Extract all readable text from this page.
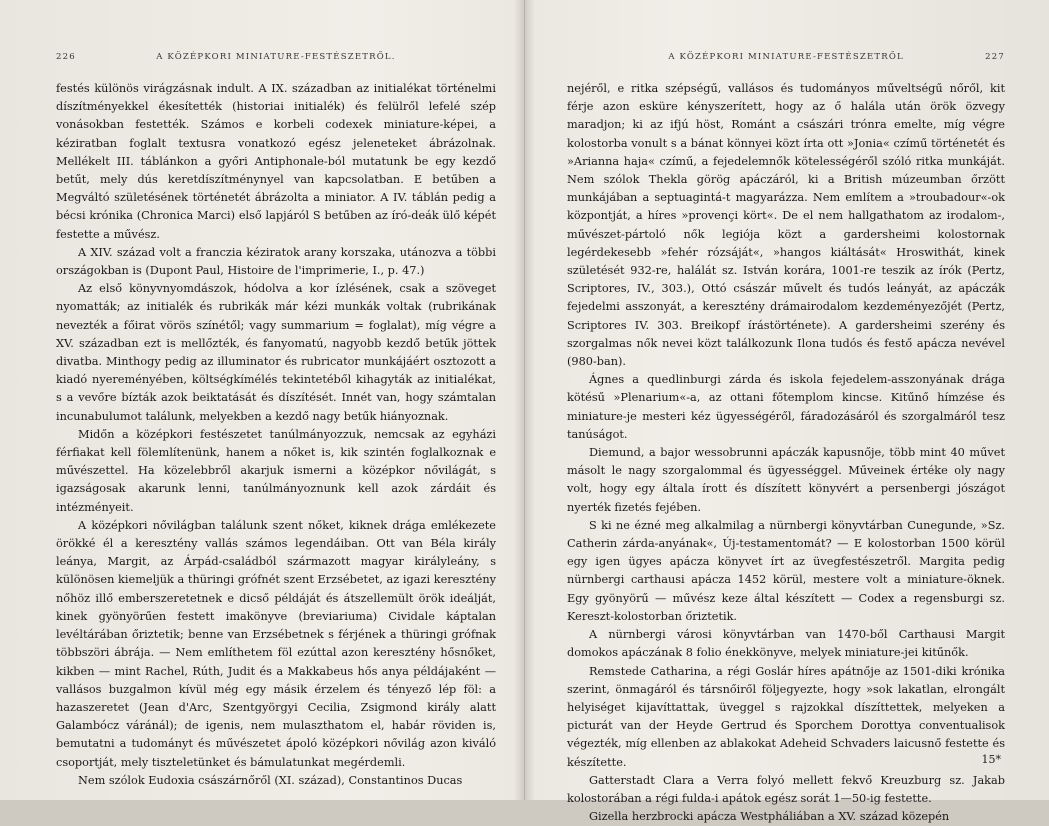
226	A KÖZÉPKORI MINIATURE-FESTÉSZETRŐL.

festés különös virágzásnak indult. A IX. században az initialékat történelmi díszítményekkel ékesítették (historiai initialék) és felülről lefelé szép vonásokban festették. Számos e korbeli codexek miniature-képei, a kéziratban foglalt textusra vonatkozó egész jeleneteket ábrázolnak. Mellékelt III. táblánkon a győri Antiphonale-ból mutatunk be egy kezdő betűt, mely dús keretdíszítménynyel van kapcsolatban. E betűben a Megváltó születésének történetét ábrázolta a miniator. A IV. táblán pedig a bécsi krónika (Chronica Marci) első lapjáról S betűben az író-deák ülő képét festette a művész.

A XIV. század volt a franczia kéziratok arany korszaka, utánozva a többi országokban is (Dupont Paul, Histoire de l'imprimerie, I., p. 47.)

Az első könyvnyomdászok, hódolva a kor ízlésének, csak a szöveget nyomatták; az initialék és rubrikák már kézi munkák voltak (rubrikának nevezték a főirat vörös színétől; vagy summarium = foglalat), míg végre a XV. században ezt is mellőzték, és fanyomatú, nagyobb kezdő betűk jöttek divatba. Minthogy pedig az illuminator és rubricator munkájáért osztozott a kiadó nyereményében, költségkímélés tekintetéből kihagyták az initialékat, s a vevőre bízták azok beiktatását és díszítését. Innét van, hogy számtalan incunabulumot találunk, melyekben a kezdő nagy betűk hiányoznak.

Midőn a középkori festészetet tanúlmányozzuk, nemcsak az egyházi férfiakat kell fölemlítenünk, hanem a nőket is, kik szintén foglalkoznak e művészettel. Ha közelebbről akarjuk ismerni a középkor nővilágát, s igazságosak akarunk lenni, tanúlmányoznunk kell azok zárdáit és intézményeit.

A középkori nővilágban találunk szent nőket, kiknek drága emlékezete örökké él a keresztény vallás számos legendáiban. Ott van Béla király leánya, Margit, az Árpád-családból származott magyar királyleány, s különösen kiemeljük a thüringi grófnét szent Erzsébetet, az igazi keresztény nőhöz illő emberszeretetnek e dicső példáját és átszellemült örök ideálját, kinek gyönyörűen festett imakönyve (breviariuma) Cividale káptalan levéltárában őriztetik; benne van Erzsébetnek s férjének a thüringi grófnak többszöri ábrája. — Nem említhetem föl ezúttal azon keresztény hősnőket, kikben — mint Rachel, Rúth, Judit és a Makkabeus hős anya példájaként — vallásos buzgalmon kívül még egy másik érzelem és tényező lép föl: a hazaszeretet (Jean d'Arc, Szentgyörgyi Cecilia, Zsigmond király alatt Galambócz váránál); de igenis, nem mulaszthatom el, habár röviden is, bemutatni a tudományt és művészetet ápoló középkori nővilág azon kiváló csoportját, mely tiszteletünket és bámulatunkat megérdemli.

Nem szólok Eudoxia császárnőről (XI. század), Constantinos Ducas

A KÖZÉPKORI MINIATURE-FESTÉSZETRŐL	227

nejéről, e ritka szépségű, vallásos és tudományos műveltségű nőről, kit férje azon esküre kényszerített, hogy az ő halála után örök özvegy maradjon; ki az ifjú höst, Románt a császári trónra emelte, míg végre kolostorba vonult s a bánat könnyei közt írta ott »Jonia« czímű történetét és »Arianna haja« czímű, a fejedelemnők kötelességéről szóló ritka munkáját. Nem szólok Thekla görög apáczáról, ki a British múzeumban őrzött munkájában a septuagintá-t magyarázza. Nem említem a »troubadour«-ok központját, a híres »provençi kört«. De el nem hallgathatom az irodalom-, művészet-pártoló nők legiója közt a gardersheimi kolostornak legérdekesebb »fehér rózsáját«, »hangos kiáltását« Hroswithát, kinek születését 932-re, halálát sz. István korára, 1001-re teszik az írók (Pertz, Scriptores, IV., 303.), Ottó császár művelt és tudós leányát, az apáczák fejedelmi asszonyát, a keresztény drámairodalom kezdeményezőjét (Pertz, Scriptores IV. 303. Breikopf írástörténete). A gardersheimi szerény és szorgalmas nők nevei közt találkozunk Ilona tudós és festő apácza nevével (980-ban).

Ágnes a quedlinburgi zárda és iskola fejedelem-asszonyának drága kötésű »Plenarium«-a, az ottani főtemplom kincse. Kitűnő hímzése és miniature-je mesteri kéz ügyességéről, fáradozásáról és szorgalmáról tesz tanúságot.

Diemund, a bajor wessobrunni apáczák kapusnője, több mint 40 művet másolt le nagy szorgalommal és ügyességgel. Műveinek értéke oly nagy volt, hogy egy általa írott és díszített könyvért a persenbergi jószágot nyerték fizetés fejében.

S ki ne ézné meg alkalmilag a nürnbergi könyvtárban Cunegunde, »Sz. Catherin zárda-anyának«, Új-testamentomát? — E kolostorban 1500 körül egy igen ügyes apácza könyvet írt az üvegfestészetről. Margita pedig nürnbergi carthausi apácza 1452 körül, mestere volt a miniature-öknek. Egy gyönyörű — művész keze által készített — Codex a regensburgi sz. Kereszt-kolostorban őriztetik.

A nürnbergi városi könyvtárban van 1470-ből Carthausi Margit domokos apáczának 8 folio énekkönyve, melyek miniature-jei kitűnők.

Remstede Catharina, a régi Goslár híres apátnője az 1501-diki krónika szerint, önmagáról és társnőiről följegyezte, hogy »sok lakatlan, elrongált helyiséget kijavíttattak, üveggel s rajzokkal díszíttettek, melyeken a picturát van der Heyde Gertrud és Sporchem Dorottya conventualisok végezték, míg ellenben az ablakokat Adeheid Schvaders laicusnő festette és készítette.

Gatterstadt Clara a Verra folyó mellett fekvő Kreuzburg sz. Jakab kolostorában a régi fulda-i apátok egész sorát 1—50-ig festette.

Gizella herzbrocki apácza Westpháliában a XV. század közepén

15*
